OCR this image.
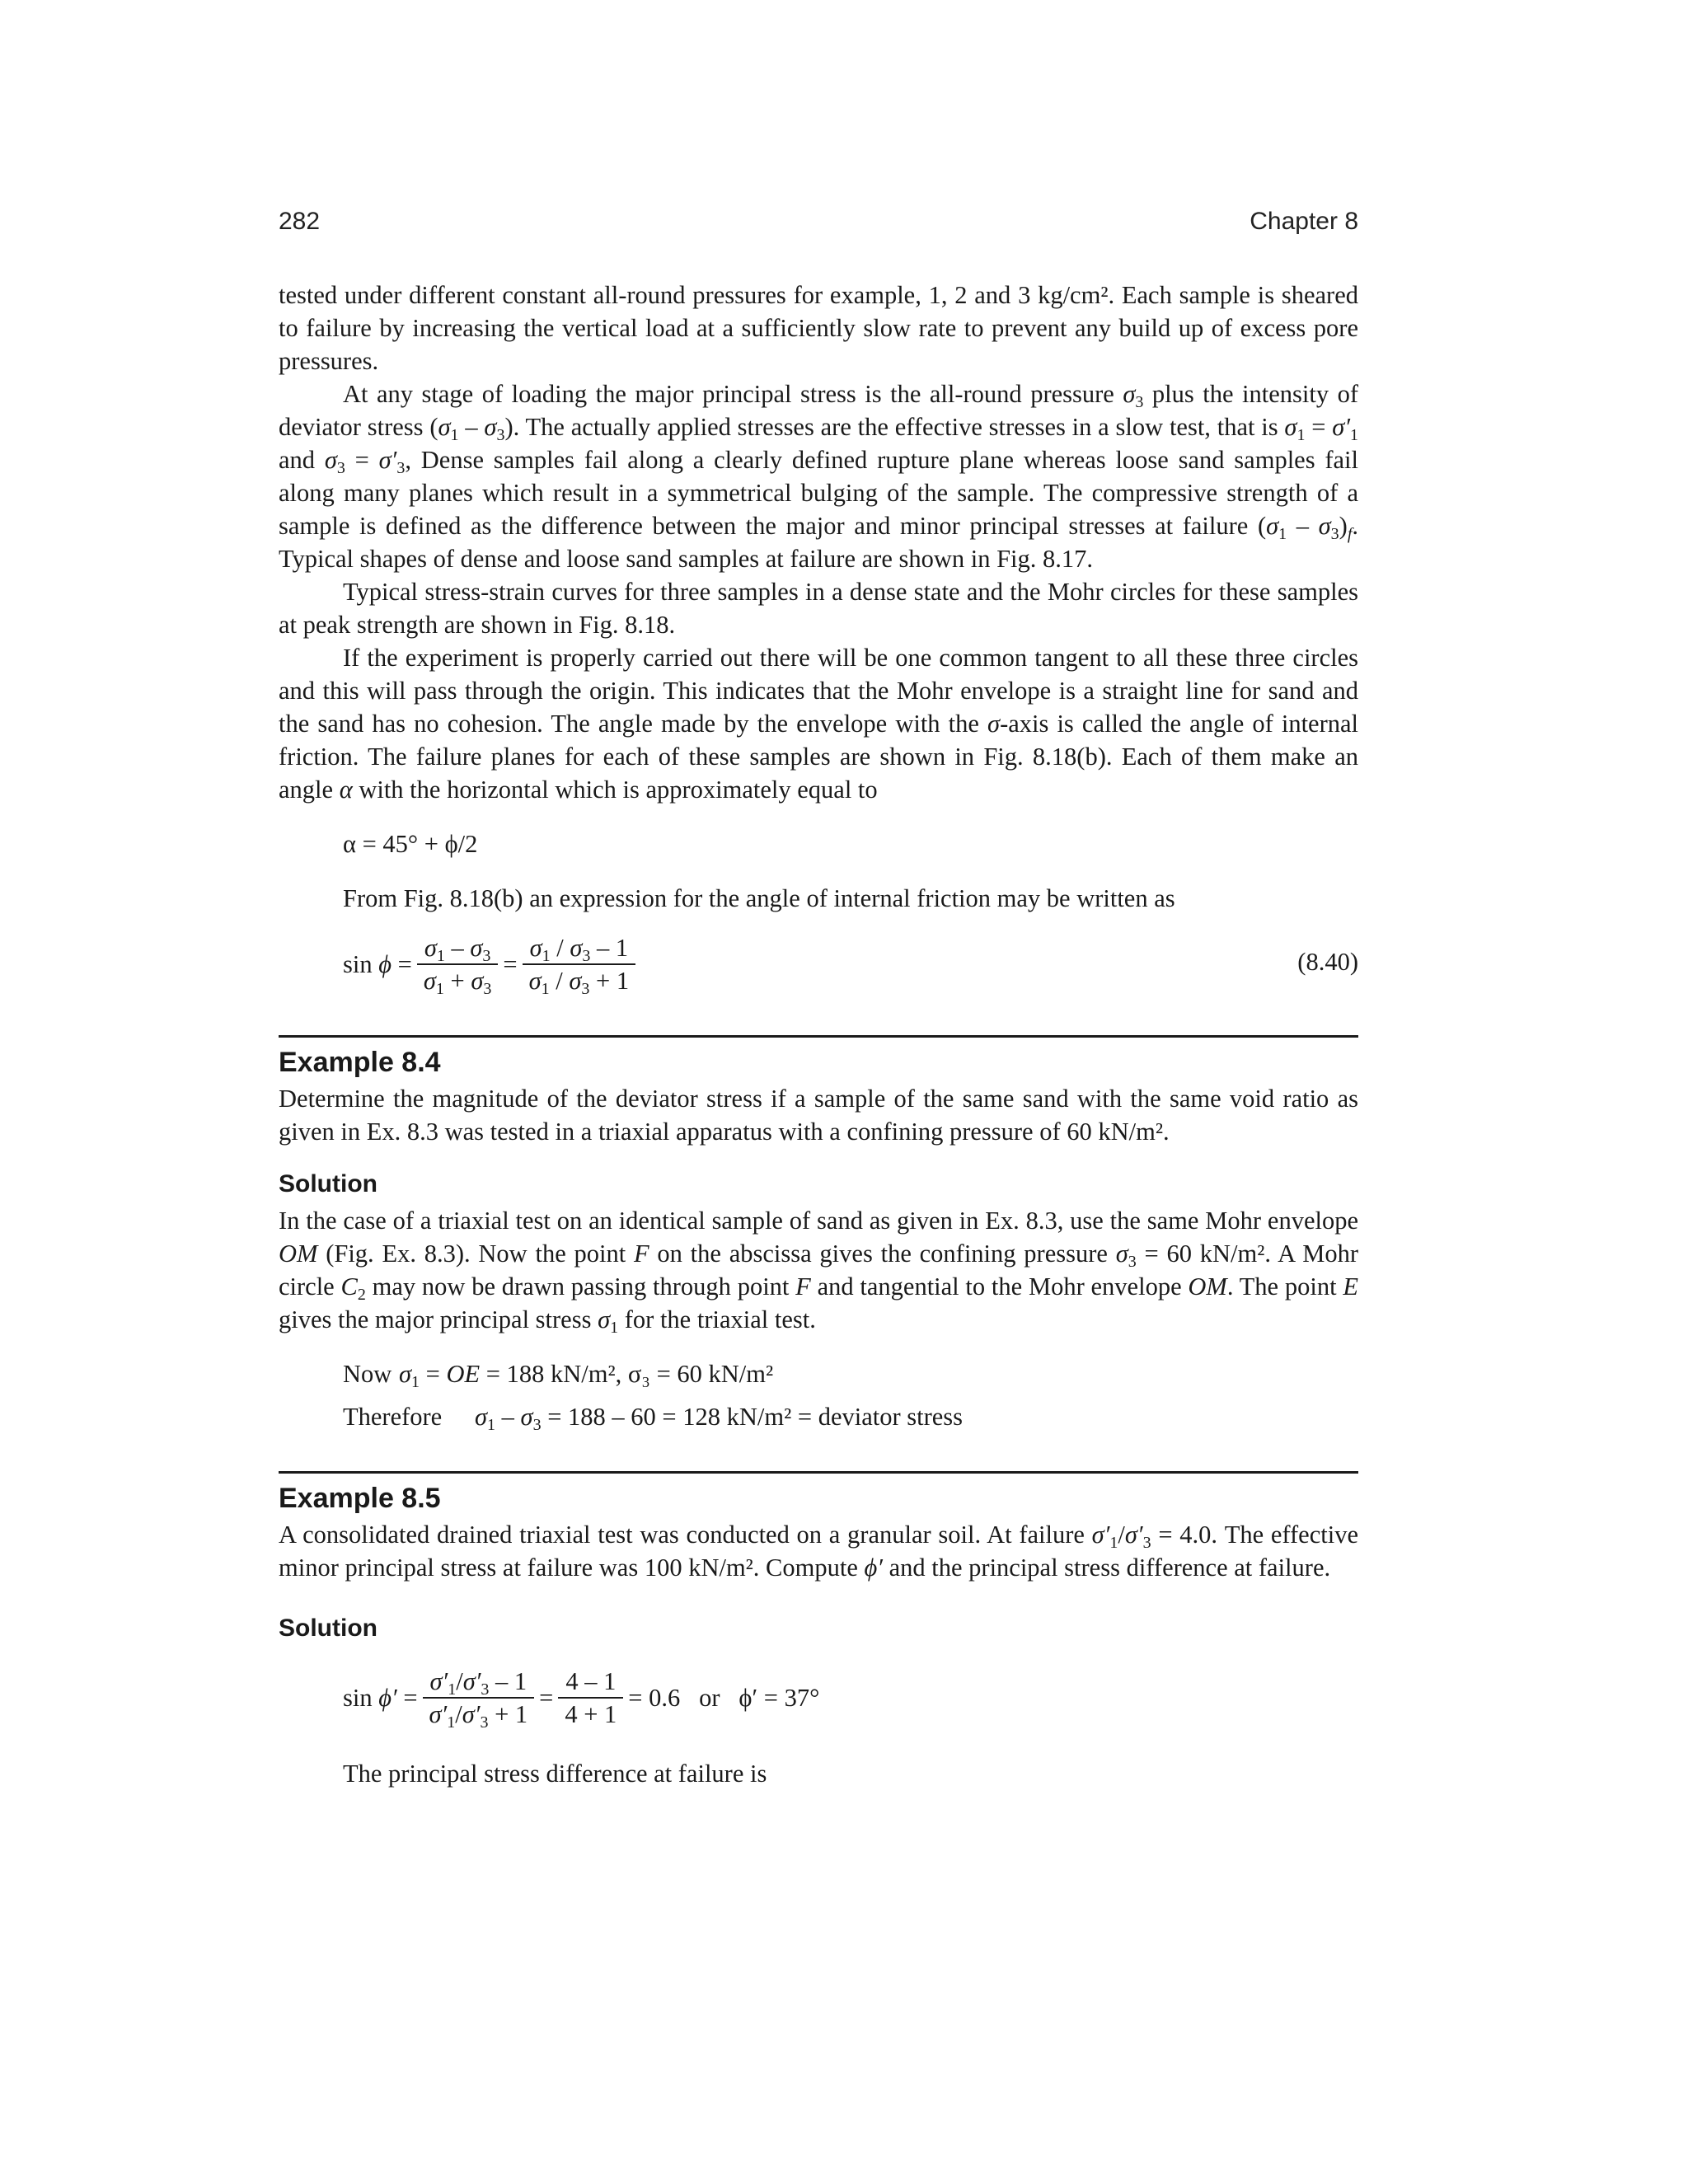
282	Chapter 8

tested under different constant all-round pressures for example, 1, 2 and 3 kg/cm². Each sample is sheared to failure by increasing the vertical load at a sufficiently slow rate to prevent any build up of excess pore pressures.

At any stage of loading the major principal stress is the all-round pressure $\sigma_3$ plus the intensity of deviator stress $(\sigma_1 - \sigma_3)$. The actually applied stresses are the effective stresses in a slow test, that is $\sigma_1 = \sigma'_1$ and $\sigma_3 = \sigma'_3$, Dense samples fail along a clearly defined rupture plane whereas loose sand samples fail along many planes which result in a symmetrical bulging of the sample. The compressive strength of a sample is defined as the difference between the major and minor principal stresses at failure $(\sigma_1 - \sigma_3)_f$. Typical shapes of dense and loose sand samples at failure are shown in Fig. 8.17.

Typical stress-strain curves for three samples in a dense state and the Mohr circles for these samples at peak strength are shown in Fig. 8.18.

If the experiment is properly carried out there will be one common tangent to all these three circles and this will pass through the origin. This indicates that the Mohr envelope is a straight line for sand and the sand has no cohesion. The angle made by the envelope with the σ-axis is called the angle of internal friction. The failure planes for each of these samples are shown in Fig. 8.18(b). Each of them make an angle α with the horizontal which is approximately equal to

α = 45° + ϕ/2
From Fig. 8.18(b) an expression for the angle of internal friction may be written as
$\sin \phi = \frac{\sigma_1 - \sigma_3}{\sigma_1 + \sigma_3} = \frac{\sigma_1 / \sigma_3 - 1}{\sigma_1 / \sigma_3 + 1}$	(8.40)
Example 8.4

Determine the magnitude of the deviator stress if a sample of the same sand with the same void ratio as given in Ex. 8.3 was tested in a triaxial apparatus with a confining pressure of 60 kN/m².

Solution

In the case of a triaxial test on an identical sample of sand as given in Ex. 8.3, use the same Mohr envelope OM (Fig. Ex. 8.3). Now the point F on the abscissa gives the confining pressure $\sigma_3 = 60$ kN/m². A Mohr circle $C_2$ may now be drawn passing through point F and tangential to the Mohr envelope OM. The point E gives the major principal stress $\sigma_1$ for the triaxial test.

Now $\sigma_1$ = OE = 188 kN/m², σ₃ = 60 kN/m²
Therefore $\sigma_1 - \sigma_3 = 188 - 60 = 128$ kN/m² = deviator stress
Example 8.5

A consolidated drained triaxial test was conducted on a granular soil. At failure $\sigma'_1/\sigma'_3 = 4.0$. The effective minor principal stress at failure was 100 kN/m². Compute ϕ′ and the principal stress difference at failure.

Solution
$\sin \phi' = \frac{\sigma'_1/\sigma'_3 - 1}{\sigma'_1/\sigma'_3 + 1} = \frac{4 - 1}{4 + 1} = 0.6$   or   ϕ′ = 37°
The principal stress difference at failure is
